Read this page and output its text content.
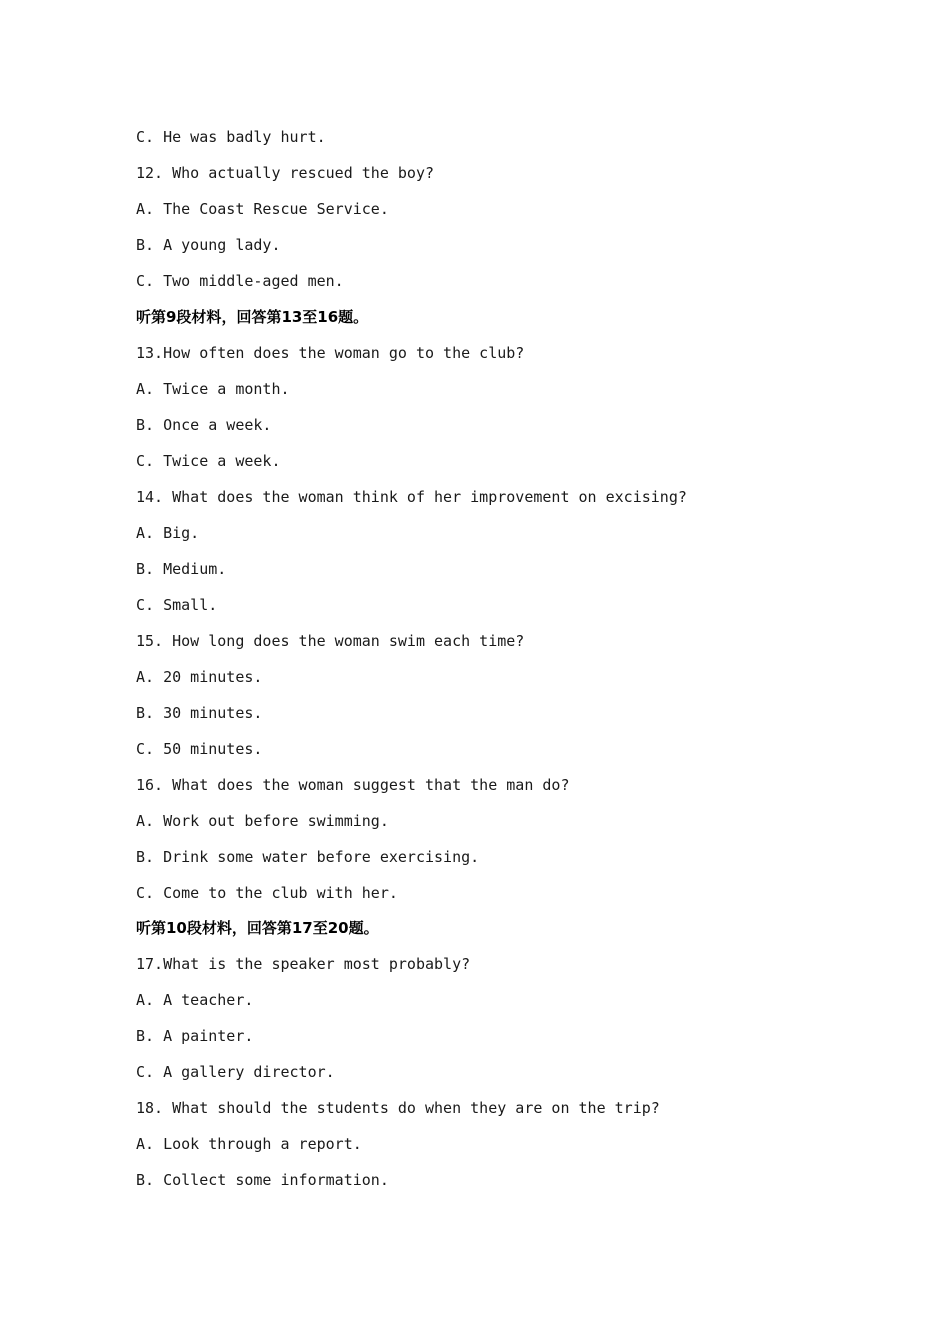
C. He was badly hurt.
12. Who actually rescued the boy?
A. The Coast Rescue Service.
B. A young lady.
C. Two middle-aged men.
听第9段材料，回答第13至16题。
13.How often does the woman go to the club?
A. Twice a month.
B. Once a week.
C. Twice a week.
14. What does the woman think of her improvement on excising?
A. Big.
B. Medium.
C. Small.
15. How long does the woman swim each time?
A. 20 minutes.
B. 30 minutes.
C. 50 minutes.
16. What does the woman suggest that the man do?
A. Work out before swimming.
B. Drink some water before exercising.
C. Come to the club with her.
听第10段材料，回答第17至20题。
17.What is the speaker most probably?
A. A teacher.
B. A painter.
C. A gallery director.
18. What should the students do when they are on the trip?
A. Look through a report.
B. Collect some information.
